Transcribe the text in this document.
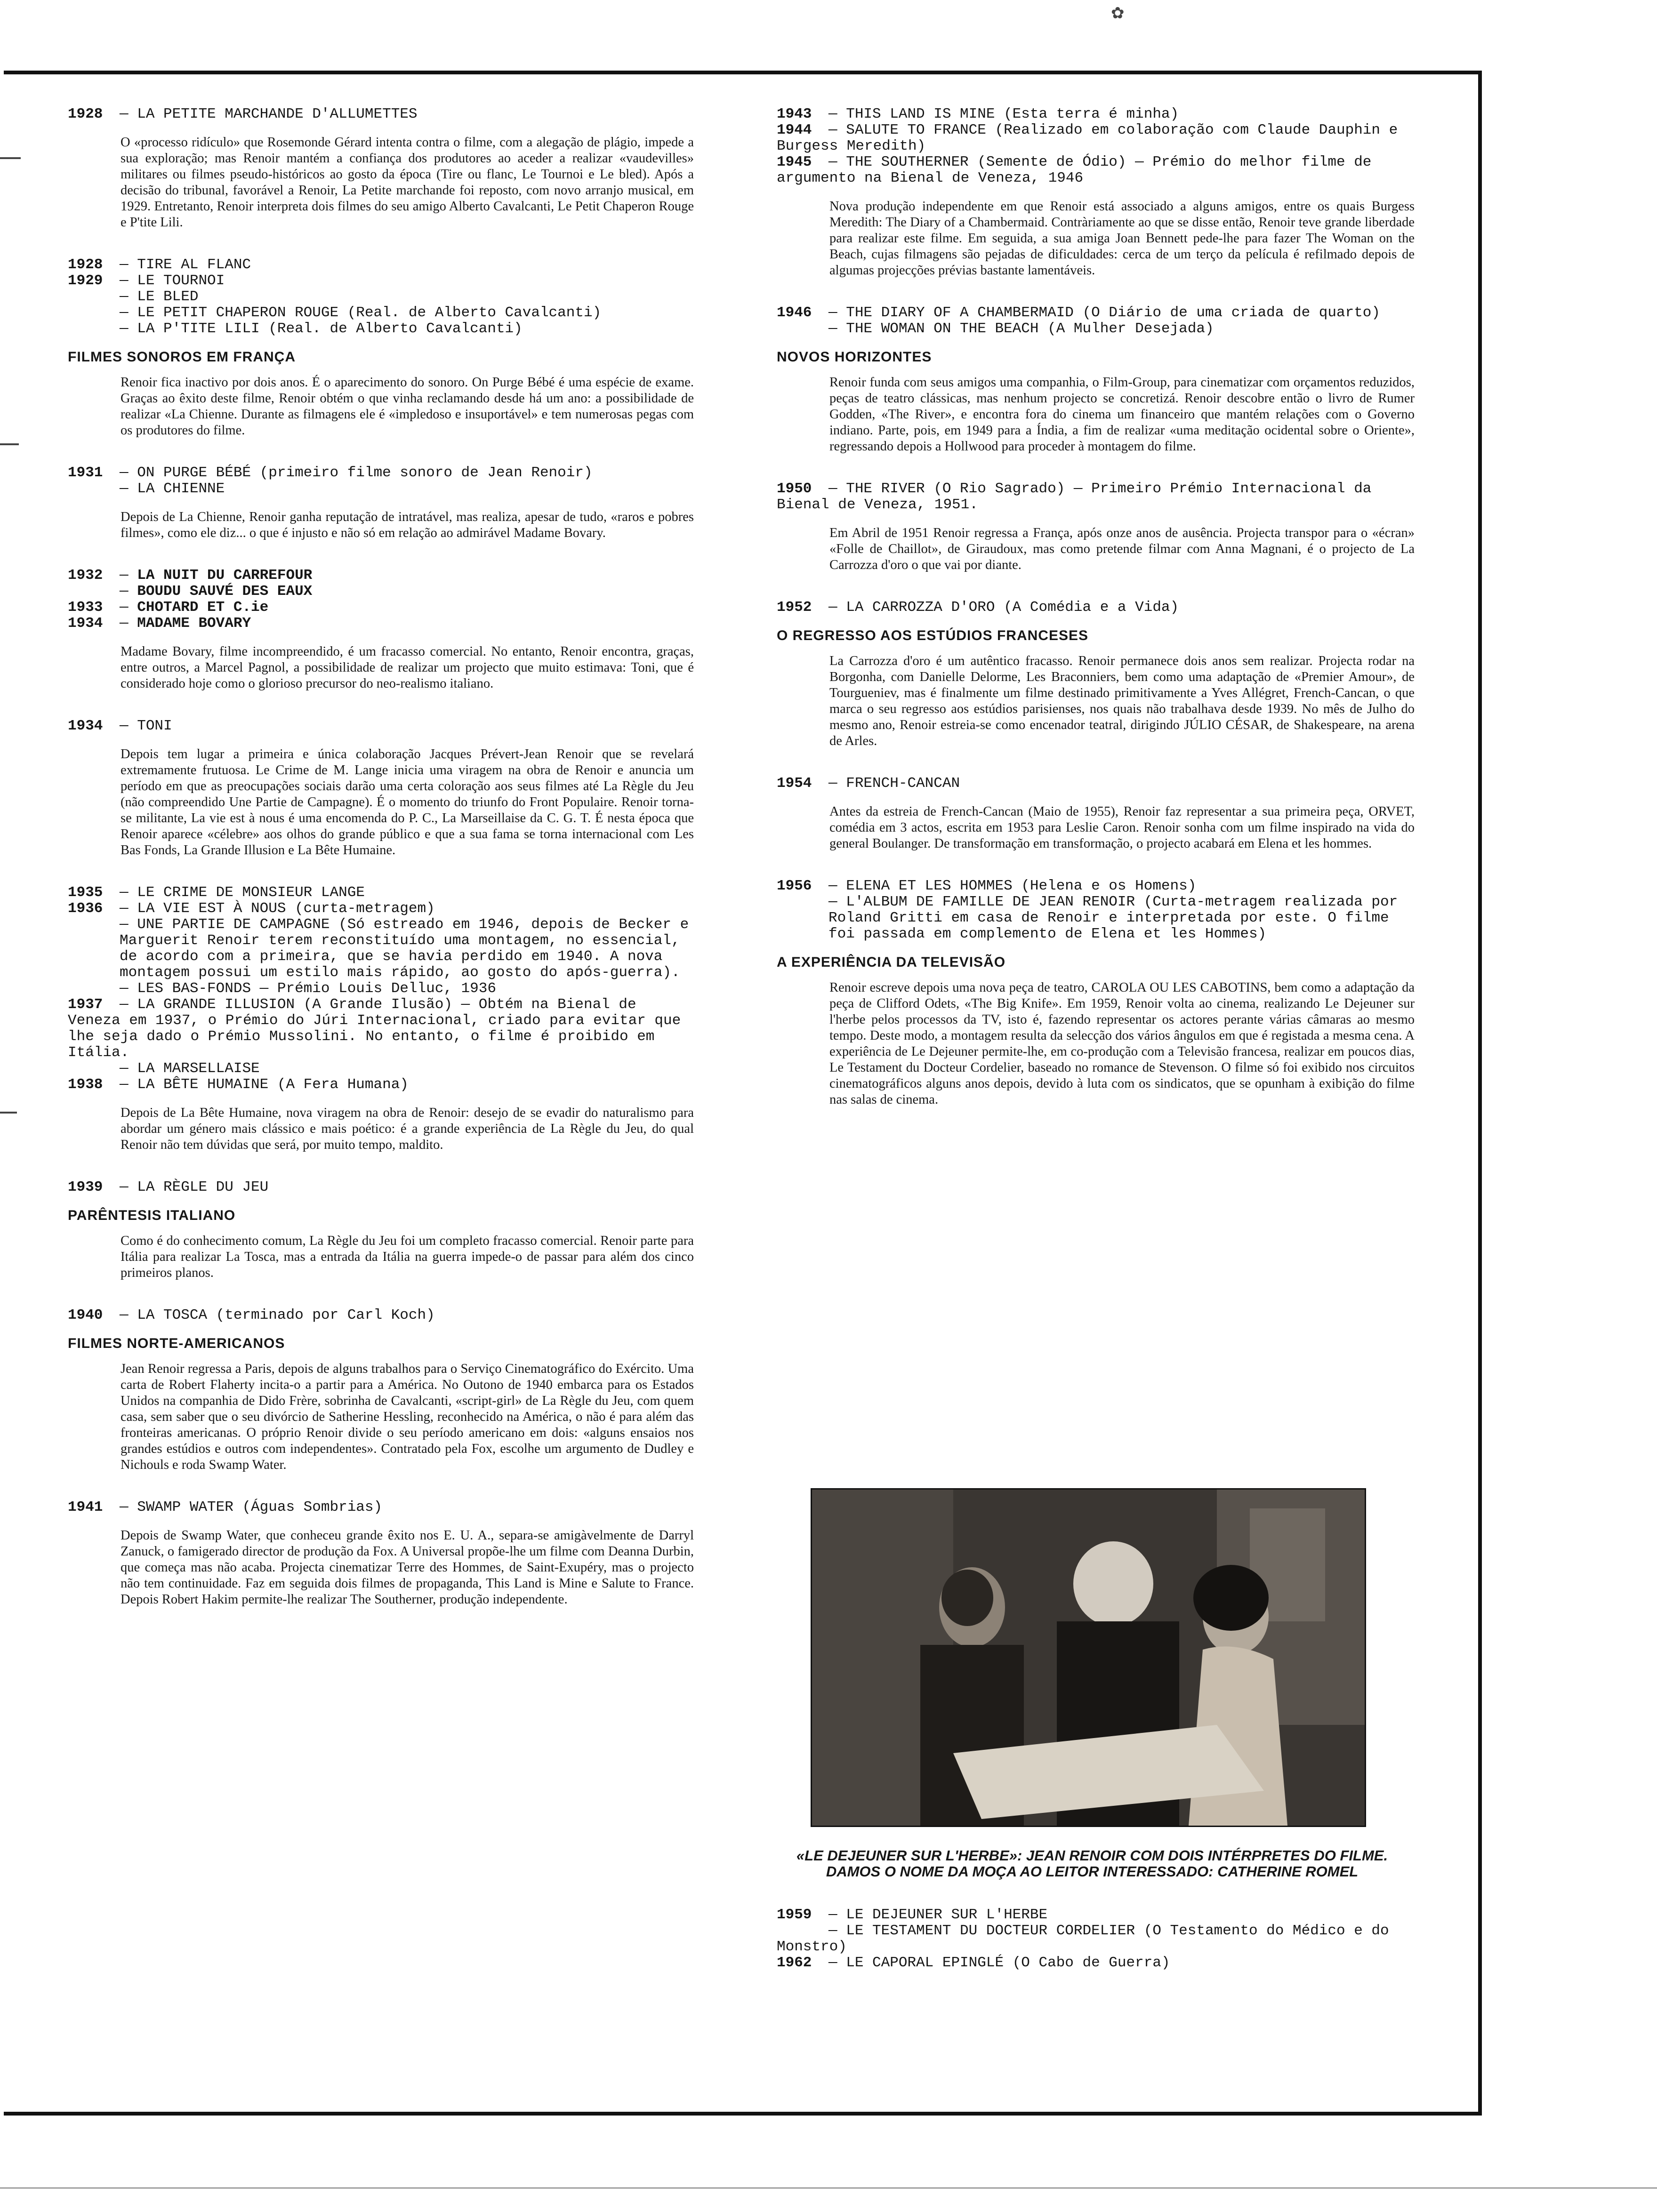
✿

1928 — LA PETITE MARCHANDE D'ALLUMETTES

O «processo ridículo» que Rosemonde Gérard intenta contra o filme, com a alegação de plágio, impede a sua exploração; mas Renoir mantém a confiança dos produtores ao aceder a realizar «vaudevilles» militares ou filmes pseudo-históricos ao gosto da época (Tire ou flanc, Le Tournoi e Le bled). Após a decisão do tribunal, favorável a Renoir, La Petite marchande foi reposto, com novo arranjo musical, em 1929. Entretanto, Renoir interpreta dois filmes do seu amigo Alberto Cavalcanti, Le Petit Chaperon Rouge e P'tite Lili.

1928 — TIRE AL FLANC

1929 — LE TOURNOI

— LE BLED

— LE PETIT CHAPERON ROUGE (Real. de Alberto Cavalcanti)

— LA P'TITE LILI (Real. de Alberto Cavalcanti)

FILMES SONOROS EM FRANÇA

Renoir fica inactivo por dois anos. É o aparecimento do sonoro. On Purge Bébé é uma espécie de exame. Graças ao êxito deste filme, Renoir obtém o que vinha reclamando desde há um ano: a possibilidade de realizar «La Chienne. Durante as filmagens ele é «impledoso e insuportável» e tem numerosas pegas com os produtores do filme.

1931 — ON PURGE BÉBÉ (primeiro filme sonoro de Jean Renoir)

— LA CHIENNE

Depois de La Chienne, Renoir ganha reputação de intratável, mas realiza, apesar de tudo, «raros e pobres filmes», como ele diz... o que é injusto e não só em relação ao admirável Madame Bovary.

1932 — LA NUIT DU CARREFOUR

— BOUDU SAUVÉ DES EAUX

1933 — CHOTARD ET C.ie

1934 — MADAME BOVARY

Madame Bovary, filme incompreendido, é um fracasso comercial. No entanto, Renoir encontra, graças, entre outros, a Marcel Pagnol, a possibilidade de realizar um projecto que muito estimava: Toni, que é considerado hoje como o glorioso precursor do neo-realismo italiano.

1934 — TONI

Depois tem lugar a primeira e única colaboração Jacques Prévert-Jean Renoir que se revelará extremamente frutuosa. Le Crime de M. Lange inicia uma viragem na obra de Renoir e anuncia um período em que as preocupações sociais darão uma certa coloração aos seus filmes até La Règle du Jeu (não compreendido Une Partie de Campagne). É o momento do triunfo do Front Populaire. Renoir torna-se militante, La vie est à nous é uma encomenda do P. C., La Marseillaise da C. G. T. É nesta época que Renoir aparece «célebre» aos olhos do grande público e que a sua fama se torna internacional com Les Bas Fonds, La Grande Illusion e La Bête Humaine.

1935 — LE CRIME DE MONSIEUR LANGE

1936 — LA VIE EST À NOUS (curta-metragem)

— UNE PARTIE DE CAMPAGNE (Só estreado em 1946, depois de Becker e Marguerit Renoir terem reconstituído uma montagem, no essencial, de acordo com a primeira, que se havia perdido em 1940. A nova montagem possui um estilo mais rápido, ao gosto do após-guerra).

— LES BAS-FONDS — Prémio Louis Delluc, 1936

1937 — LA GRANDE ILLUSION (A Grande Ilusão) — Obtém na Bienal de Veneza em 1937, o Prémio do Júri Internacional, criado para evitar que lhe seja dado o Prémio Mussolini. No entanto, o filme é proibido em Itália.

— LA MARSELLAISE

1938 — LA BÊTE HUMAINE (A Fera Humana)

Depois de La Bête Humaine, nova viragem na obra de Renoir: desejo de se evadir do naturalismo para abordar um género mais clássico e mais poético: é a grande experiência de La Règle du Jeu, do qual Renoir não tem dúvidas que será, por muito tempo, maldito.

1939 — LA RÈGLE DU JEU

PARÊNTESIS ITALIANO

Como é do conhecimento comum, La Règle du Jeu foi um completo fracasso comercial. Renoir parte para Itália para realizar La Tosca, mas a entrada da Itália na guerra impede-o de passar para além dos cinco primeiros planos.

1940 — LA TOSCA (terminado por Carl Koch)

FILMES NORTE-AMERICANOS

Jean Renoir regressa a Paris, depois de alguns trabalhos para o Serviço Cinematográfico do Exército. Uma carta de Robert Flaherty incita-o a partir para a América. No Outono de 1940 embarca para os Estados Unidos na companhia de Dido Frère, sobrinha de Cavalcanti, «script-girl» de La Règle du Jeu, com quem casa, sem saber que o seu divórcio de Satherine Hessling, reconhecido na América, o não é para além das fronteiras americanas. O próprio Renoir divide o seu período americano em dois: «alguns ensaios nos grandes estúdios e outros com independentes». Contratado pela Fox, escolhe um argumento de Dudley e Nichouls e roda Swamp Water.

1941 — SWAMP WATER (Águas Sombrias)

Depois de Swamp Water, que conheceu grande êxito nos E. U. A., separa-se amigàvelmente de Darryl Zanuck, o famigerado director de produção da Fox. A Universal propõe-lhe um filme com Deanna Durbin, que começa mas não acaba. Projecta cinematizar Terre des Hommes, de Saint-Exupéry, mas o projecto não tem continuidade. Faz em seguida dois filmes de propaganda, This Land is Mine e Salute to France. Depois Robert Hakim permite-lhe realizar The Southerner, produção independente.

1943 — THIS LAND IS MINE (Esta terra é minha)

1944 — SALUTE TO FRANCE (Realizado em colaboração com Claude Dauphin e Burgess Meredith)

1945 — THE SOUTHERNER (Semente de Ódio) — Prémio do melhor filme de argumento na Bienal de Veneza, 1946

Nova produção independente em que Renoir está associado a alguns amigos, entre os quais Burgess Meredith: The Diary of a Chambermaid. Contràriamente ao que se disse então, Renoir teve grande liberdade para realizar este filme. Em seguida, a sua amiga Joan Bennett pede-lhe para fazer The Woman on the Beach, cujas filmagens são pejadas de dificuldades: cerca de um terço da película é refilmado depois de algumas projecções prévias bastante lamentáveis.

1946 — THE DIARY OF A CHAMBERMAID (O Diário de uma criada de quarto)

— THE WOMAN ON THE BEACH (A Mulher Desejada)

NOVOS HORIZONTES

Renoir funda com seus amigos uma companhia, o Film-Group, para cinematizar com orçamentos reduzidos, peças de teatro clássicas, mas nenhum projecto se concretizá. Renoir descobre então o livro de Rumer Godden, «The River», e encontra fora do cinema um financeiro que mantém relações com o Governo indiano. Parte, pois, em 1949 para a Índia, a fim de realizar «uma meditação ocidental sobre o Oriente», regressando depois a Hollwood para proceder à montagem do filme.

1950 — THE RIVER (O Rio Sagrado) — Primeiro Prémio Internacional da Bienal de Veneza, 1951.

Em Abril de 1951 Renoir regressa a França, após onze anos de ausência. Projecta transpor para o «écran» «Folle de Chaillot», de Giraudoux, mas como pretende filmar com Anna Magnani, é o projecto de La Carrozza d'oro o que vai por diante.

1952 — LA CARROZZA D'ORO (A Comédia e a Vida)

O REGRESSO AOS ESTÚDIOS FRANCESES

La Carrozza d'oro é um autêntico fracasso. Renoir permanece dois anos sem realizar. Projecta rodar na Borgonha, com Danielle Delorme, Les Braconniers, bem como uma adaptação de «Premier Amour», de Tourgueniev, mas é finalmente um filme destinado primitivamente a Yves Allégret, French-Cancan, o que marca o seu regresso aos estúdios parisienses, nos quais não trabalhava desde 1939. No mês de Julho do mesmo ano, Renoir estreia-se como encenador teatral, dirigindo JÚLIO CÉSAR, de Shakespeare, na arena de Arles.

1954 — FRENCH-CANCAN

Antes da estreia de French-Cancan (Maio de 1955), Renoir faz representar a sua primeira peça, ORVET, comédia em 3 actos, escrita em 1953 para Leslie Caron. Renoir sonha com um filme inspirado na vida do general Boulanger. De transformação em transformação, o projecto acabará em Elena et les hommes.

1956 — ELENA ET LES HOMMES (Helena e os Homens)

— L'ALBUM DE FAMILLE DE JEAN RENOIR (Curta-metragem realizada por Roland Gritti em casa de Renoir e interpretada por este. O filme foi passada em complemento de Elena et les Hommes)

A EXPERIÊNCIA DA TELEVISÃO

Renoir escreve depois uma nova peça de teatro, CAROLA OU LES CABOTINS, bem como a adaptação da peça de Clifford Odets, «The Big Knife». Em 1959, Renoir volta ao cinema, realizando Le Dejeuner sur l'herbe pelos processos da TV, isto é, fazendo representar os actores perante várias câmaras ao mesmo tempo. Deste modo, a montagem resulta da selecção dos vários ângulos em que é registada a mesma cena. A experiência de Le Dejeuner permite-lhe, em co-produção com a Televisão francesa, realizar em poucos dias, Le Testament du Docteur Cordelier, baseado no romance de Stevenson. O filme só foi exibido nos circuitos cinematográficos alguns anos depois, devido à luta com os sindicatos, que se opunham à exibição do filme nas salas de cinema.

«LE DEJEUNER SUR L'HERBE»: JEAN RENOIR COM DOIS INTÉRPRETES DO FILME. DAMOS O NOME DA MOÇA AO LEITOR INTERESSADO: CATHERINE ROMEL

1959 — LE DEJEUNER SUR L'HERBE

— LE TESTAMENT DU DOCTEUR CORDELIER (O Testamento do Médico e do Monstro)

1962 — LE CAPORAL EPINGLÉ (O Cabo de Guerra)
